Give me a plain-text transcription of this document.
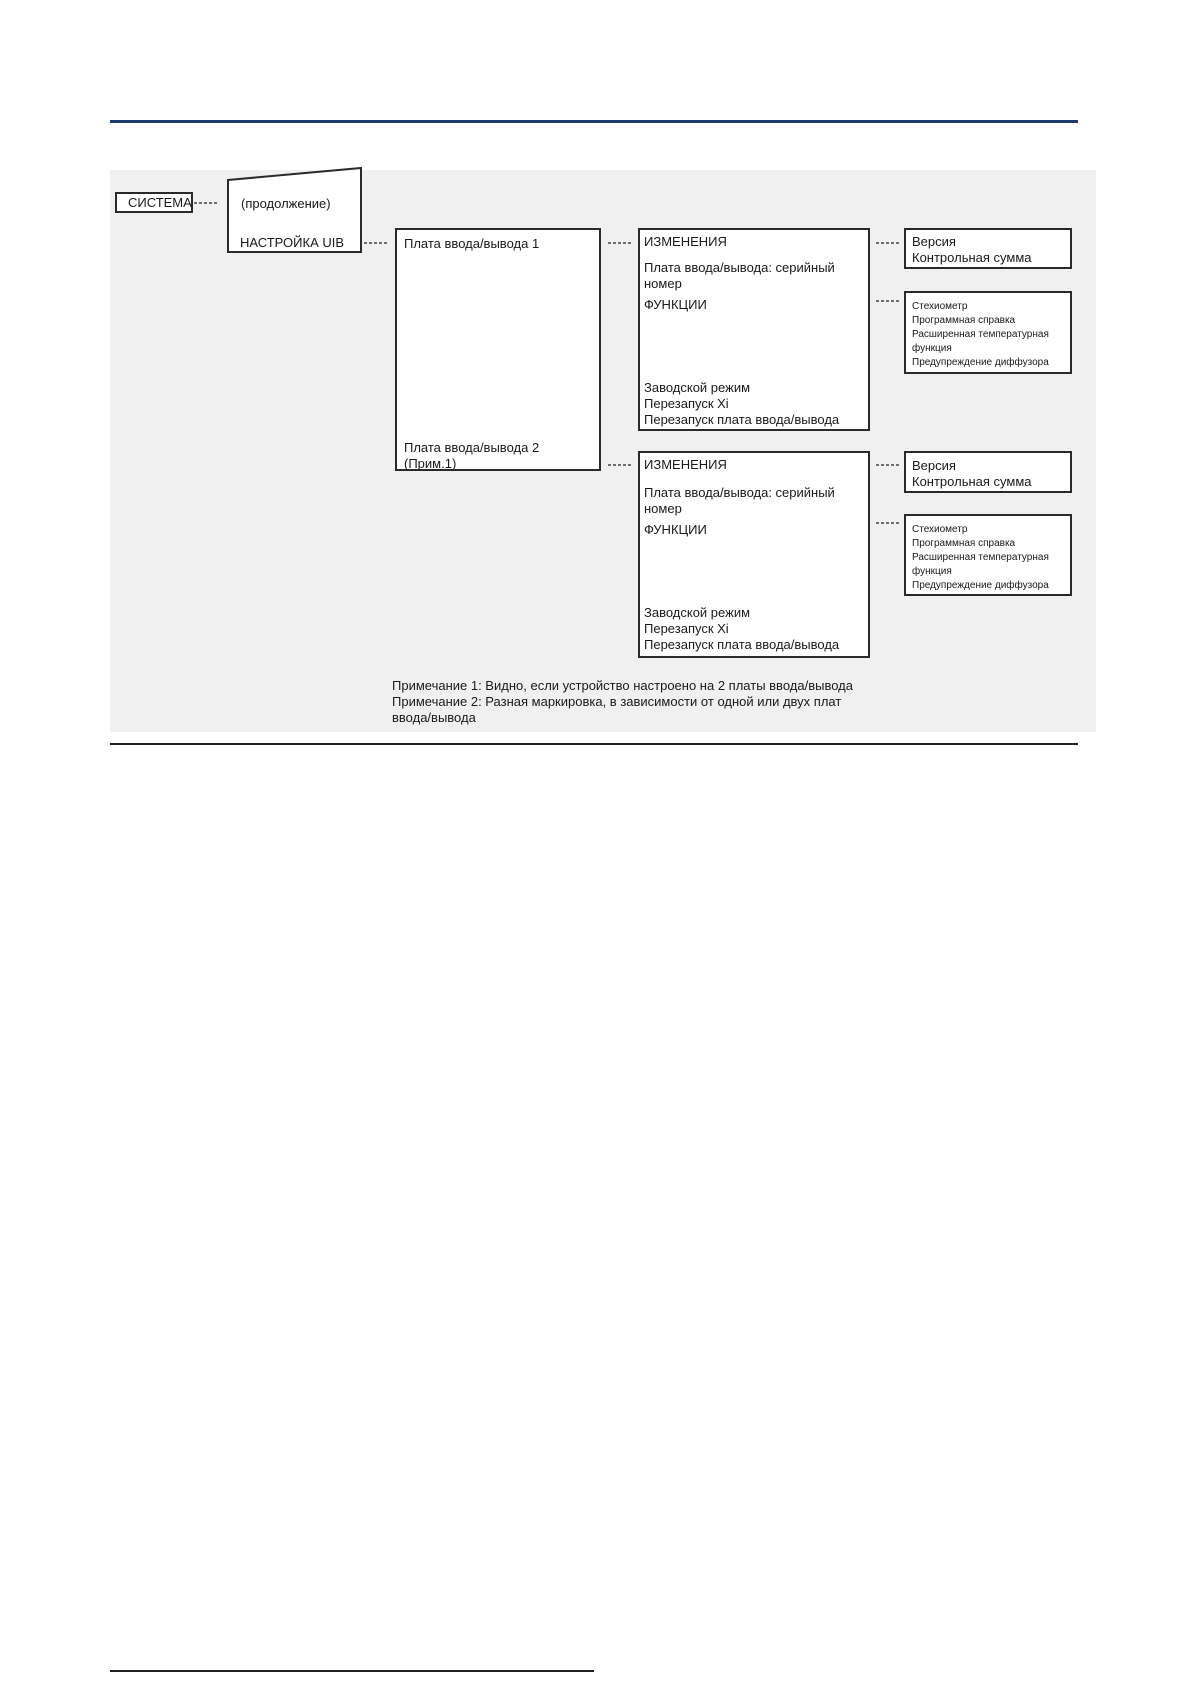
СИСТЕМА	(продолжение)
НАСТРОЙКА UIB	Плата ввода/вывода 1
Плата ввода/вывода 2
(Прим.1)
ИЗМЕНЕНИЯ
Плата ввода/вывода: серийный
номер
ФУНКЦИИ
Заводской режим
Перезапуск Xi
Перезапуск плата ввода/вывода
Версия
Контрольная сумма
Стехиометр
Программная справка
Расширенная температурная
функция
Предупреждение диффузора
ИЗМЕНЕНИЯ
Плата ввода/вывода: серийный
номер
ФУНКЦИИ
Заводской режим
Перезапуск Xi
Перезапуск плата ввода/вывода
Версия
Контрольная сумма
Стехиометр
Программная справка
Расширенная температурная
функция
Предупреждение диффузора
Примечание 1: Видно, если устройство настроено на 2 платы ввода/вывода
Примечание 2: Разная маркировка, в зависимости от одной или двух плат
ввода/вывода
